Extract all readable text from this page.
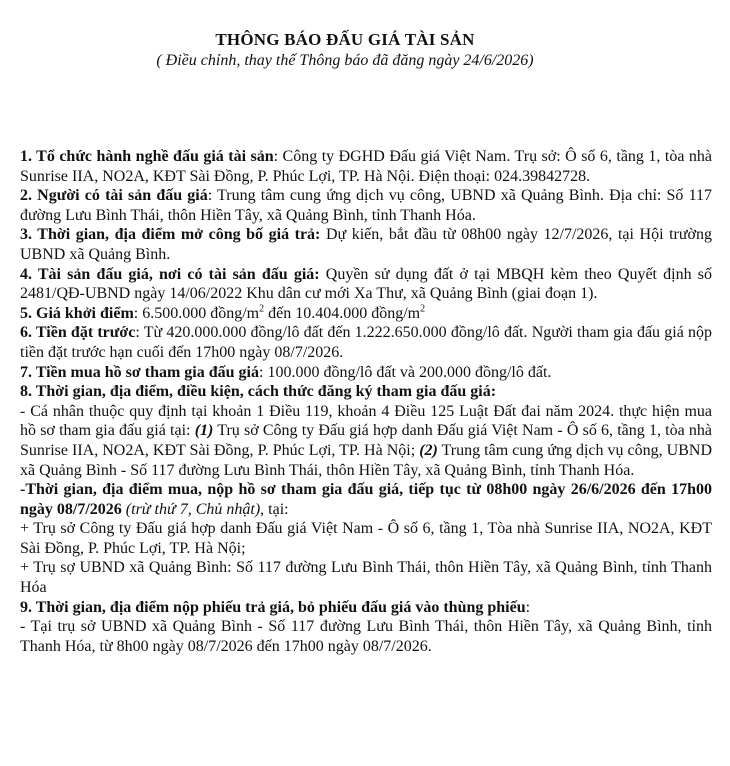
THÔNG BÁO ĐẤU GIÁ TÀI SẢN
( Điều chỉnh, thay thế Thông báo đã đăng ngày 24/6/2026)

1. Tổ chức hành nghề đấu giá tài sản: Công ty ĐGHD Đấu giá Việt Nam. Trụ sở: Ô số 6, tầng 1, tòa nhà Sunrise IIA, NO2A, KĐT Sài Đồng, P. Phúc Lợi, TP. Hà Nội. Điện thoại: 024.39842728.

2. Người có tài sản đấu giá: Trung tâm cung ứng dịch vụ công, UBND xã Quảng Bình. Địa chỉ: Số 117 đường Lưu Bình Thái, thôn Hiền Tây, xã Quảng Bình, tỉnh Thanh Hóa.

3. Thời gian, địa điểm mở công bố giá trả: Dự kiến, bắt đầu từ 08h00 ngày 12/7/2026, tại Hội trường UBND xã Quảng Bình.

4. Tài sản đấu giá, nơi có tài sản đấu giá: Quyền sử dụng đất ở tại MBQH kèm theo Quyết định số 2481/QĐ-UBND ngày 14/06/2022 Khu dân cư mới Xa Thư, xã Quảng Bình (giai đoạn 1).

5. Giá khởi điểm: 6.500.000 đồng/$m^2$ đến 10.404.000 đồng/$m^2$

6. Tiền đặt trước: Từ 420.000.000 đồng/lô đất đến 1.222.650.000 đồng/lô đất. Người tham gia đấu giá nộp tiền đặt trước hạn cuối đến 17h00 ngày 08/7/2026.

7. Tiền mua hồ sơ tham gia đấu giá: 100.000 đồng/lô đất và 200.000 đồng/lô đất.

8. Thời gian, địa điểm, điều kiện, cách thức đăng ký tham gia đấu giá:

- Cá nhân thuộc quy định tại khoản 1 Điều 119, khoản 4 Điều 125 Luật Đất đai năm 2024. thực hiện mua hồ sơ tham gia đấu giá tại: (1) Trụ sở Công ty Đấu giá hợp danh Đấu giá Việt Nam - Ô số 6, tầng 1, tòa nhà Sunrise IIA, NO2A, KĐT Sài Đồng, P. Phúc Lợi, TP. Hà Nội; (2) Trung tâm cung ứng dịch vụ công, UBND xã Quảng Bình - Số 117 đường Lưu Bình Thái, thôn Hiền Tây, xã Quảng Bình, tỉnh Thanh Hóa.

-Thời gian, địa điểm mua, nộp hồ sơ tham gia đấu giá, tiếp tục từ 08h00 ngày 26/6/2026 đến 17h00 ngày 08/7/2026 (trừ thứ 7, Chủ nhật), tại:

+ Trụ sở Công ty Đấu giá hợp danh Đấu giá Việt Nam - Ô số 6, tầng 1, Tòa nhà Sunrise IIA, NO2A, KĐT Sài Đồng, P. Phúc Lợi, TP. Hà Nội;

+ Trụ sợ UBND xã Quảng Bình: Số 117 đường Lưu Bình Thái, thôn Hiền Tây, xã Quảng Bình, tỉnh Thanh Hóa

9. Thời gian, địa điểm nộp phiếu trả giá, bỏ phiếu đấu giá vào thùng phiếu:

- Tại trụ sở UBND xã Quảng Bình - Số 117 đường Lưu Bình Thái, thôn Hiền Tây, xã Quảng Bình, tỉnh Thanh Hóa, từ 8h00 ngày 08/7/2026 đến 17h00 ngày 08/7/2026.
